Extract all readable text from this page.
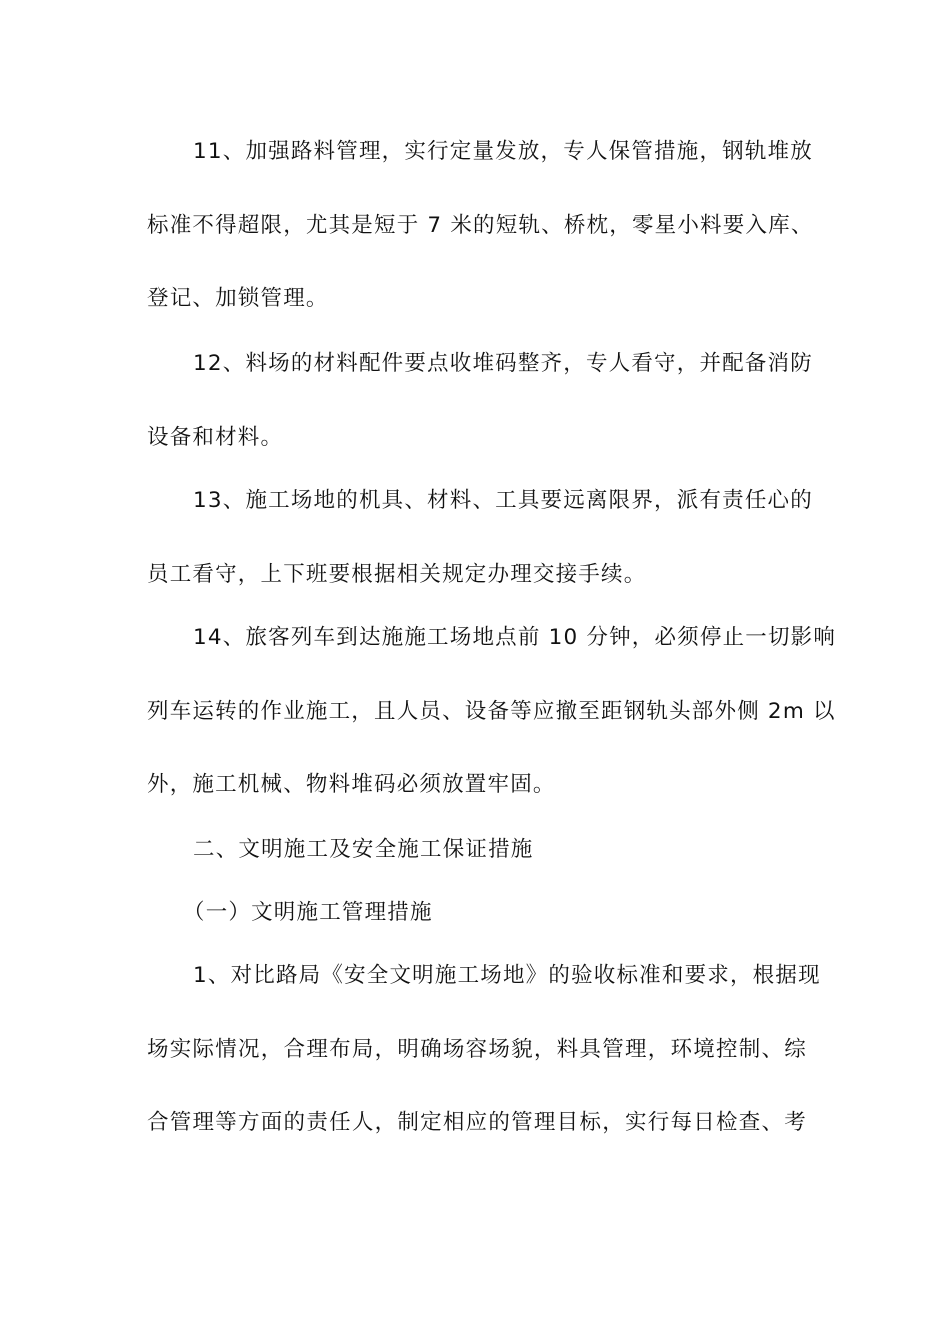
11、加强路料管理，实行定量发放，专人保管措施，钢轨堆放
标准不得超限，尤其是短于 7 米的短轨、桥枕，零星小料要入库、
登记、加锁管理。
12、料场的材料配件要点收堆码整齐，专人看守，并配备消防
设备和材料。
13、施工场地的机具、材料、工具要远离限界，派有责任心的
员工看守，上下班要根据相关规定办理交接手续。
14、旅客列车到达施施工场地点前 10 分钟，必须停止一切影响
列车运转的作业施工，且人员、设备等应撤至距钢轨头部外侧 2m 以
外，施工机械、物料堆码必须放置牢固。
二、文明施工及安全施工保证措施
（一）文明施工管理措施
1、对比路局《安全文明施工场地》的验收标准和要求，根据现
场实际情况，合理布局，明确场容场貌，料具管理，环境控制、综
合管理等方面的责任人，制定相应的管理目标，实行每日检查、考
